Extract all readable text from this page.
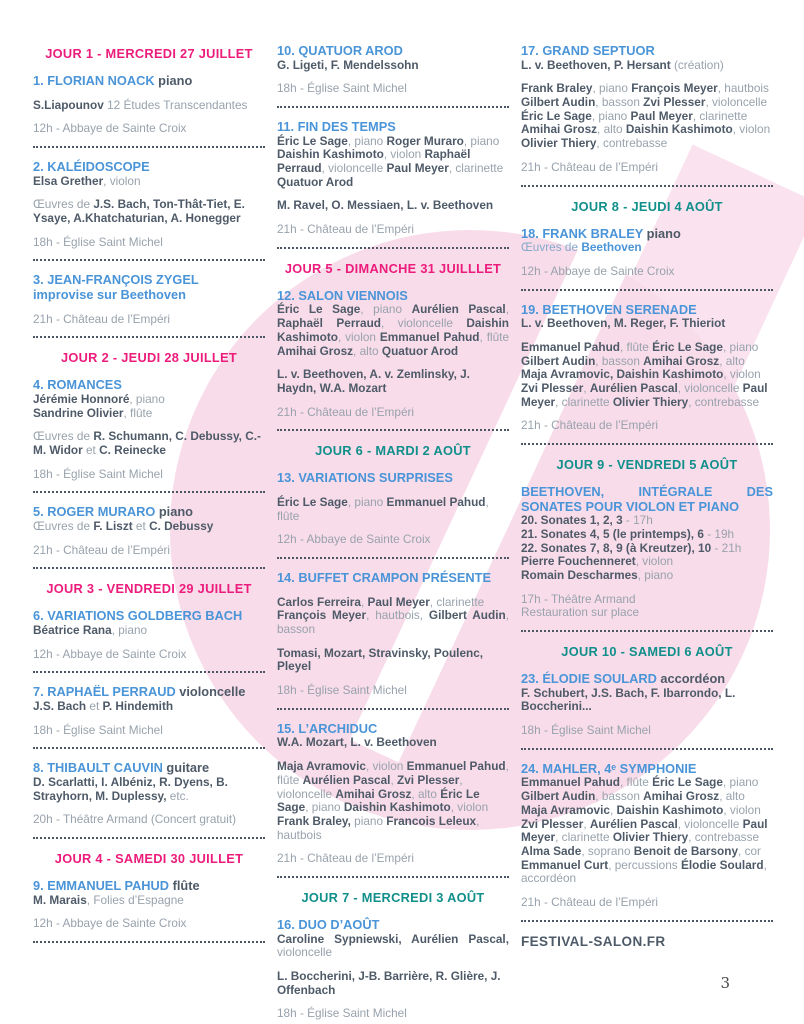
JOUR 1 - MERCREDI 27 JUILLET
1. FLORIAN NOACK piano
S.Liapounov 12 Études Transcendantes
12h - Abbaye de Sainte Croix
2. KALÉIDOSCOPE
Elsa Grether, violon
Œuvres de J.S. Bach, Ton-Thât-Tiet, E. Ysaye, A.Khatchaturian, A. Honegger
18h - Église Saint Michel
3. JEAN-FRANÇOIS ZYGEL
improvise sur Beethoven
21h - Château de l’Empéri
JOUR 2 - JEUDI 28 JUILLET
4. ROMANCES
Jérémie Honnoré, piano
Sandrine Olivier, flûte
Œuvres de R. Schumann, C. Debussy, C.-M. Widor et C. Reinecke
18h - Église Saint Michel
5. ROGER MURARO piano
Œuvres de F. Liszt et C. Debussy
21h - Château de l’Empéri
JOUR 3 - VENDREDI 29 JUILLET
6. VARIATIONS GOLDBERG BACH
Béatrice Rana, piano
12h - Abbaye de Sainte Croix
7. RAPHAËL PERRAUD violoncelle
J.S. Bach et P. Hindemith
18h - Église Saint Michel
8. THIBAULT CAUVIN guitare
D. Scarlatti, I. Albéniz, R. Dyens, B. Strayhorn, M. Duplessy, etc.
20h - Théâtre Armand (Concert gratuit)
JOUR 4 - SAMEDI 30 JUILLET
9. EMMANUEL PAHUD flûte
M. Marais, Folies d’Espagne
12h - Abbaye de Sainte Croix
10. QUATUOR AROD
G. Ligeti, F. Mendelssohn
18h - Église Saint Michel
11. FIN DES TEMPS
Éric Le Sage, piano Roger Muraro, piano Daishin Kashimoto, violon Raphaël Perraud, violoncelle Paul Meyer, clarinette Quatuor Arod
M. Ravel, O. Messiaen, L. v. Beethoven
21h - Château de l’Empéri
JOUR 5 - DIMANCHE 31 JUILLLET
12. SALON VIENNOIS
Éric Le Sage, piano Aurélien Pascal, Raphaël Perraud, violoncelle Daishin Kashimoto, violon Emmanuel Pahud, flûte Amihai Grosz, alto Quatuor Arod
L. v. Beethoven, A. v. Zemlinsky, J. Haydn, W.A. Mozart
21h - Château de l’Empéri
JOUR 6 - MARDI 2 AOÛT
13. VARIATIONS SURPRISES
Éric Le Sage, piano Emmanuel Pahud, flûte
12h - Abbaye de Sainte Croix
14. BUFFET CRAMPON PRÉSENTE
Carlos Ferreira, Paul Meyer, clarinette
François Meyer, hautbois, Gilbert Audin, basson
Tomasi, Mozart, Stravinsky, Poulenc, Pleyel
18h - Église Saint Michel
15. L’ARCHIDUC
W.A. Mozart, L. v. Beethoven
Maja Avramovic, violon Emmanuel Pahud, flûte Aurélien Pascal, Zvi Plesser, violoncelle Amihai Grosz, alto Éric Le Sage, piano Daishin Kashimoto, violon Frank Braley, piano Francois Leleux, hautbois
21h - Château de l’Empéri
JOUR 7 - MERCREDI 3 AOÛT
16. DUO D’AOÛT
Caroline Sypniewski, Aurélien Pascal, violoncelle
L. Boccherini, J-B. Barrière, R. Glière, J. Offenbach
18h - Église Saint Michel
17. GRAND SEPTUOR
L. v. Beethoven, P. Hersant (création)
Frank Braley, piano François Meyer, hautbois Gilbert Audin, basson Zvi Plesser, violoncelle Éric Le Sage, piano Paul Meyer, clarinette Amihai Grosz, alto Daishin Kashimoto, violon Olivier Thiery, contrebasse
21h - Château de l’Empéri
JOUR 8 - JEUDI 4 AOÛT
18. FRANK BRALEY piano
Œuvres de Beethoven
12h - Abbaye de Sainte Croix
19. BEETHOVEN SERENADE
L. v. Beethoven, M. Reger, F. Thieriot
Emmanuel Pahud, flûte Éric Le Sage, piano Gilbert Audin, basson Amihai Grosz, alto Maja Avramovic, Daishin Kashimoto, violon Zvi Plesser, Aurélien Pascal, violoncelle Paul Meyer, clarinette Olivier Thiery, contrebasse
21h - Château de l’Empéri
JOUR 9 - VENDREDI 5 AOÛT
BEETHOVEN, INTÉGRALE DES SONATES POUR VIOLON ET PIANO
20. Sonates 1, 2, 3 - 17h
21. Sonates 4, 5 (le printemps), 6 - 19h
22. Sonates 7, 8, 9 (à Kreutzer), 10 - 21h
Pierre Fouchenneret, violon
Romain Descharmes, piano
17h - Théâtre Armand
Restauration sur place
JOUR 10 - SAMEDI 6 AOÛT
23. ÉLODIE SOULARD accordéon
F. Schubert, J.S. Bach, F. Ibarrondo, L. Boccherini...
18h - Église Saint Michel
24. MAHLER, 4ᵉ SYMPHONIE
Emmanuel Pahud, flûte Éric Le Sage, piano Gilbert Audin, basson Amihai Grosz, alto Maja Avramovic, Daishin Kashimoto, violon Zvi Plesser, Aurélien Pascal, violoncelle Paul Meyer, clarinette Olivier Thiery, contrebasse Alma Sade, soprano Benoit de Barsony, cor Emmanuel Curt, percussions Élodie Soulard, accordéon
21h - Château de l’Empéri
FESTIVAL-SALON.FR
3
